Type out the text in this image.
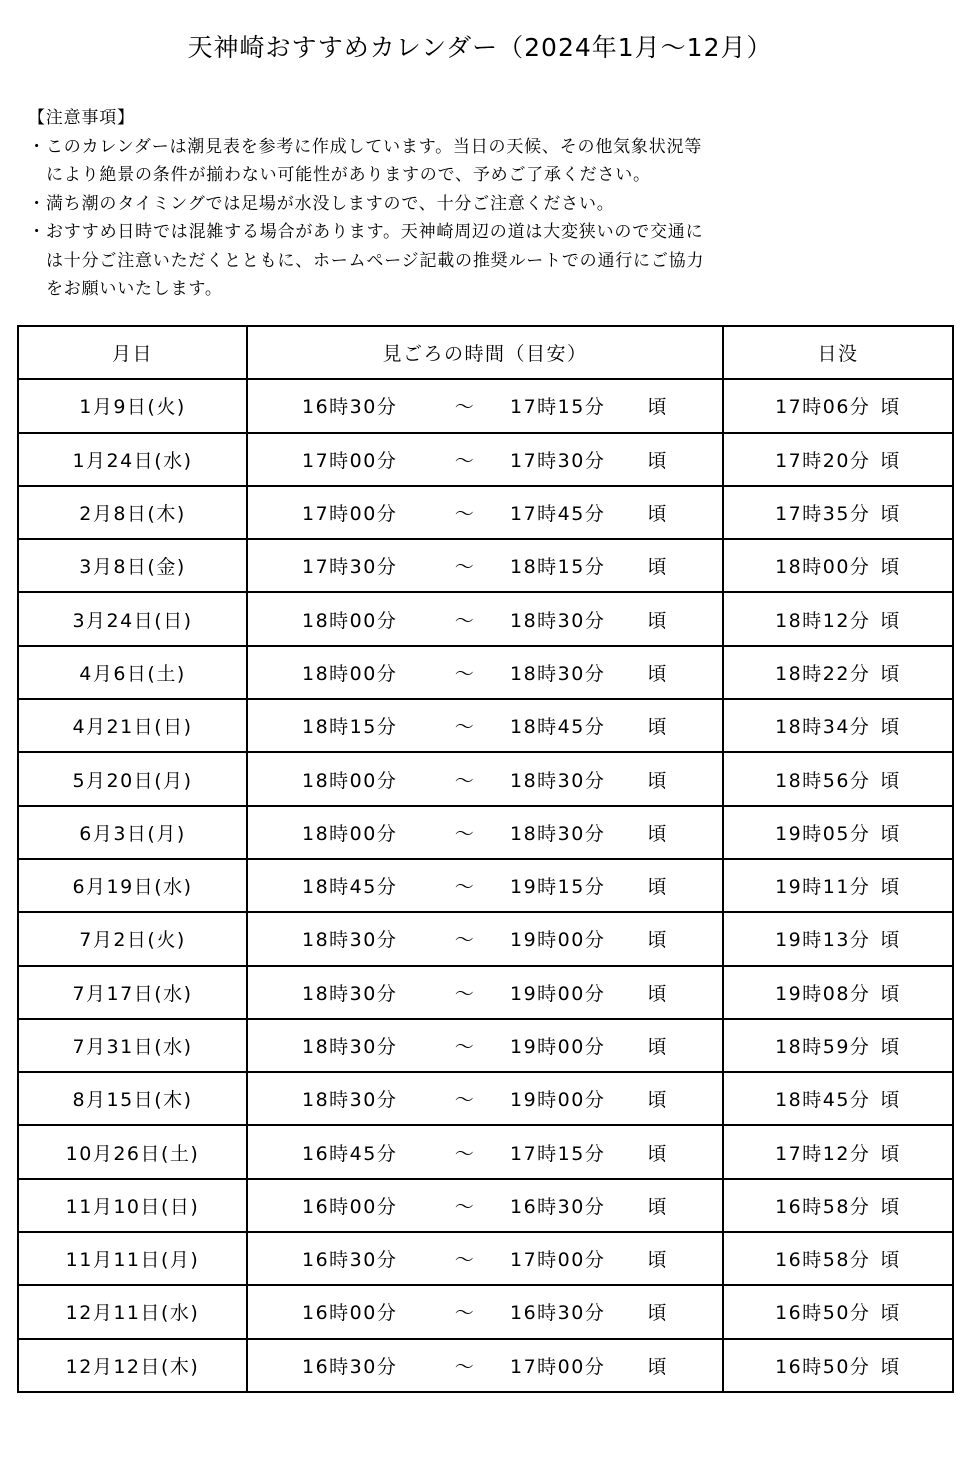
天神崎おすすめカレンダー（2024年1月～12月）
【注意事項】
・ このカレンダーは潮見表を参考に作成しています。当日の天候、その他気象状況等
により絶景の条件が揃わない可能性がありますので、予めご了承ください。
・ 満ち潮のタイミングでは足場が水没しますので、十分ご注意ください。
・ おすすめ日時では混雑する場合があります。天神崎周辺の道は大変狭いので交通に
は十分ご注意いただくとともに、ホームページ記載の推奨ルートでの通行にご協力
をお願いいたします。
月日	見ごろの時間（目安）	日没
1月9日(火)	16時30分 ～ 17時15分 頃	17時06分 頃
1月24日(水)	17時00分 ～ 17時30分 頃	17時20分 頃
2月8日(木)	17時00分 ～ 17時45分 頃	17時35分 頃
3月8日(金)	17時30分 ～ 18時15分 頃	18時00分 頃
3月24日(日)	18時00分 ～ 18時30分 頃	18時12分 頃
4月6日(土)	18時00分 ～ 18時30分 頃	18時22分 頃
4月21日(日)	18時15分 ～ 18時45分 頃	18時34分 頃
5月20日(月)	18時00分 ～ 18時30分 頃	18時56分 頃
6月3日(月)	18時00分 ～ 18時30分 頃	19時05分 頃
6月19日(水)	18時45分 ～ 19時15分 頃	19時11分 頃
7月2日(火)	18時30分 ～ 19時00分 頃	19時13分 頃
7月17日(水)	18時30分 ～ 19時00分 頃	19時08分 頃
7月31日(水)	18時30分 ～ 19時00分 頃	18時59分 頃
8月15日(木)	18時30分 ～ 19時00分 頃	18時45分 頃
10月26日(土)	16時45分 ～ 17時15分 頃	17時12分 頃
11月10日(日)	16時00分 ～ 16時30分 頃	16時58分 頃
11月11日(月)	16時30分 ～ 17時00分 頃	16時58分 頃
12月11日(水)	16時00分 ～ 16時30分 頃	16時50分 頃
12月12日(木)	16時30分 ～ 17時00分 頃	16時50分 頃
